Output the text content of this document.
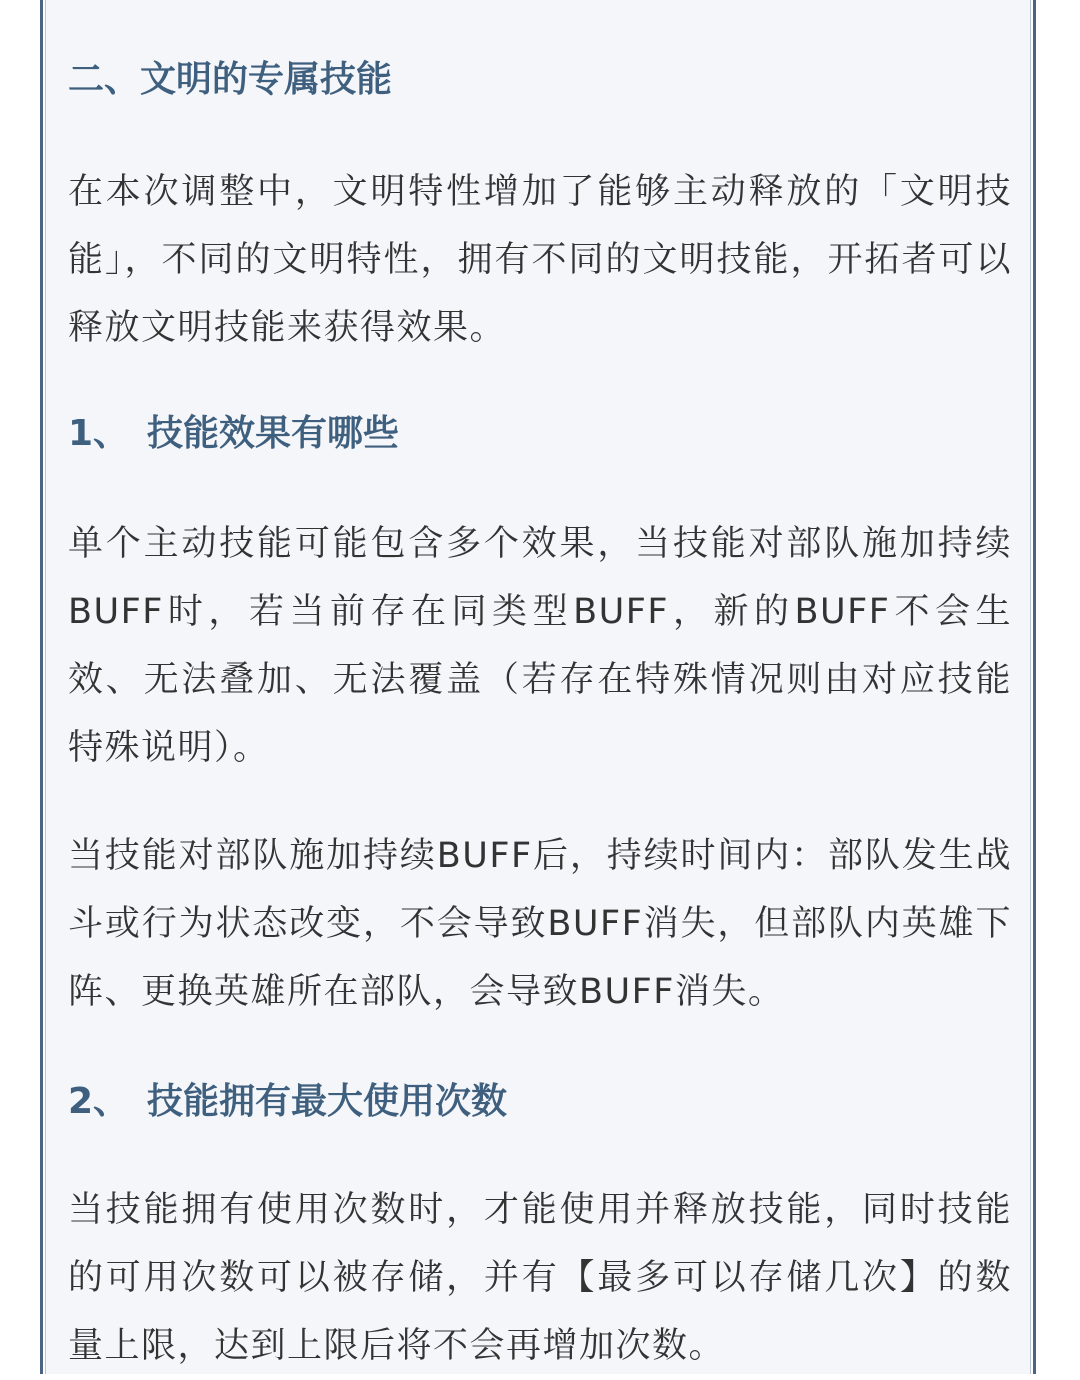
二、文明的专属技能
在本次调整中，文明特性增加了能够主动释放的「文明技能」，不同的文明特性，拥有不同的文明技能，开拓者可以释放文明技能来获得效果。
1、　技能效果有哪些
单个主动技能可能包含多个效果，当技能对部队施加持续BUFF时，若当前存在同类型BUFF，新的BUFF不会生效、无法叠加、无法覆盖（若存在特殊情况则由对应技能特殊说明）。
当技能对部队施加持续BUFF后，持续时间内：部队发生战斗或行为状态改变，不会导致BUFF消失，但部队内英雄下阵、更换英雄所在部队，会导致BUFF消失。
2、　技能拥有最大使用次数
当技能拥有使用次数时，才能使用并释放技能，同时技能的可用次数可以被存储，并有【最多可以存储几次】的数量上限，达到上限后将不会再增加次数。
